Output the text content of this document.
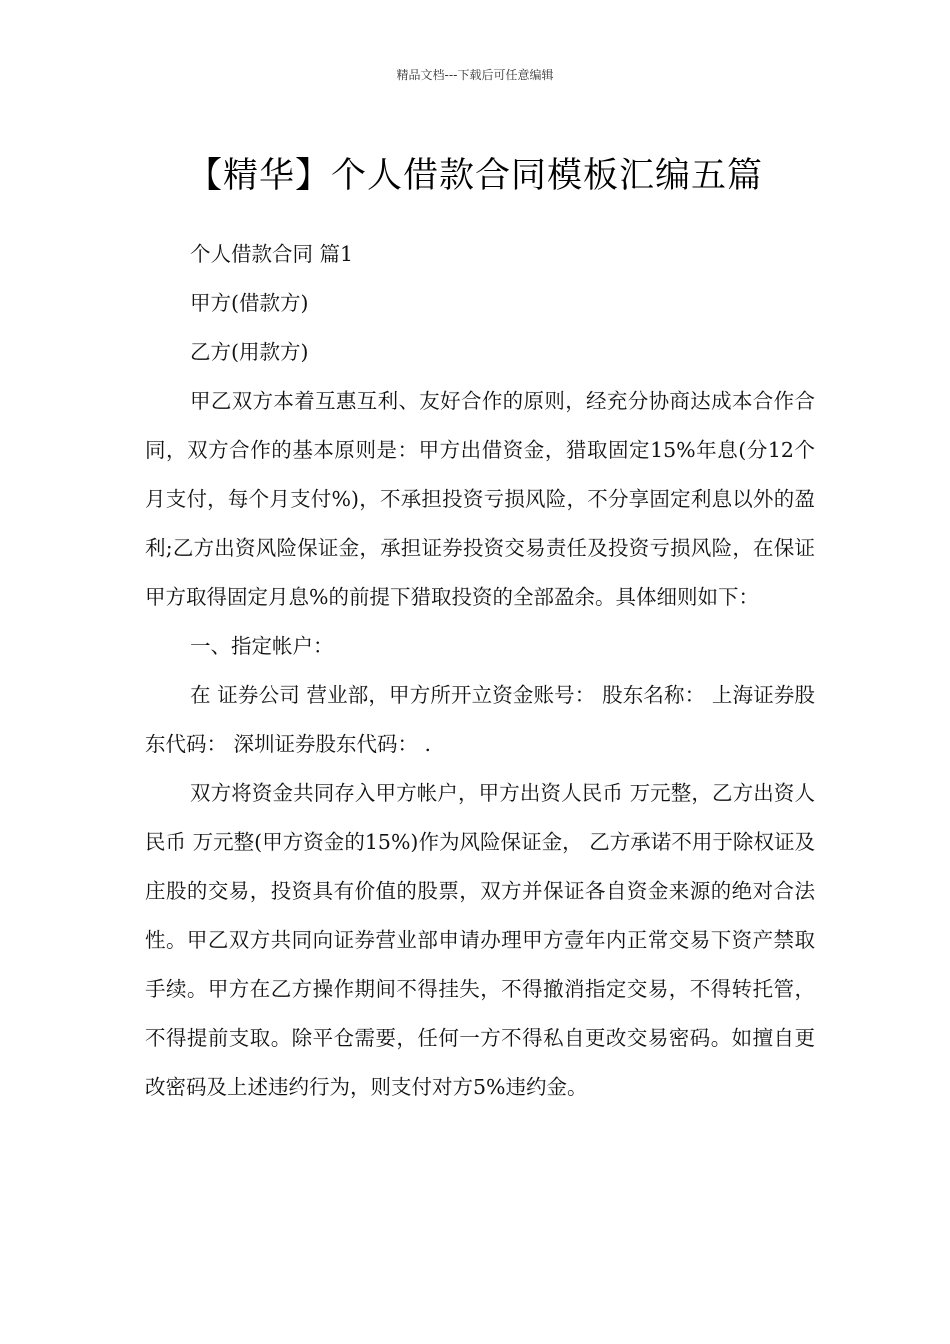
精品文档---下载后可任意编辑
【精华】个人借款合同模板汇编五篇

个人借款合同 篇1

甲方(借款方)

乙方(用款方)

甲乙双方本着互惠互利、友好合作的原则，经充分协商达成本合作合同，双方合作的基本原则是：甲方出借资金，猎取固定15%年息(分12个月支付，每个月支付%)，不承担投资亏损风险，不分享固定利息以外的盈利;乙方出资风险保证金，承担证券投资交易责任及投资亏损风险，在保证甲方取得固定月息%的前提下猎取投资的全部盈余。具体细则如下：

一、指定帐户：

在 证券公司 营业部，甲方所开立资金账号： 股东名称： 上海证券股东代码： 深圳证券股东代码： .

双方将资金共同存入甲方帐户，甲方出资人民币 万元整，乙方出资人民币 万元整(甲方资金的15%)作为风险保证金， 乙方承诺不用于除权证及庄股的交易，投资具有价值的股票，双方并保证各自资金来源的绝对合法性。甲乙双方共同向证券营业部申请办理甲方壹年内正常交易下资产禁取手续。甲方在乙方操作期间不得挂失，不得撤消指定交易，不得转托管，不得提前支取。除平仓需要，任何一方不得私自更改交易密码。如擅自更改密码及上述违约行为，则支付对方5%违约金。
